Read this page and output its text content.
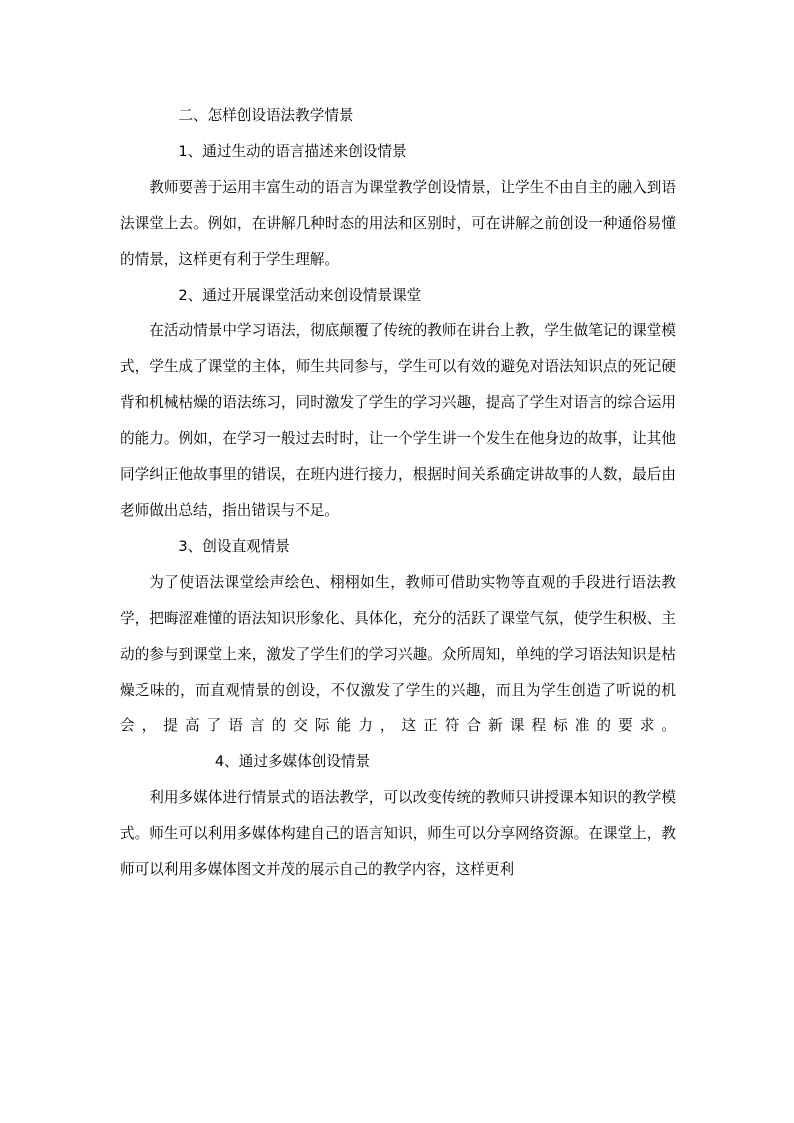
二、怎样创设语法教学情景

1、通过生动的语言描述来创设情景

教师要善于运用丰富生动的语言为课堂教学创设情景，让学生不由自主的融入到语法课堂上去。例如，在讲解几种时态的用法和区别时，可在讲解之前创设一种通俗易懂的情景，这样更有利于学生理解。

2、通过开展课堂活动来创设情景课堂

在活动情景中学习语法，彻底颠覆了传统的教师在讲台上教，学生做笔记的课堂模式，学生成了课堂的主体，师生共同参与，学生可以有效的避免对语法知识点的死记硬背和机械枯燥的语法练习，同时激发了学生的学习兴趣，提高了学生对语言的综合运用的能力。例如，在学习一般过去时时，让一个学生讲一个发生在他身边的故事，让其他同学纠正他故事里的错误，在班内进行接力，根据时间关系确定讲故事的人数，最后由老师做出总结，指出错误与不足。

3、创设直观情景

为了使语法课堂绘声绘色、栩栩如生，教师可借助实物等直观的手段进行语法教学，把晦涩难懂的语法知识形象化、具体化，充分的活跃了课堂气氛，使学生积极、主动的参与到课堂上来，激发了学生们的学习兴趣。众所周知，单纯的学习语法知识是枯燥乏味的，而直观情景的创设，不仅激发了学生的兴趣，而且为学生创造了听说的机会，提高了语言的交际能力，这正符合新课程标准的要求。4、通过多媒体创设情景

利用多媒体进行情景式的语法教学，可以改变传统的教师只讲授课本知识的教学模式。师生可以利用多媒体构建自己的语言知识，师生可以分享网络资源。在课堂上，教师可以利用多媒体图文并茂的展示自己的教学内容，这样更利
